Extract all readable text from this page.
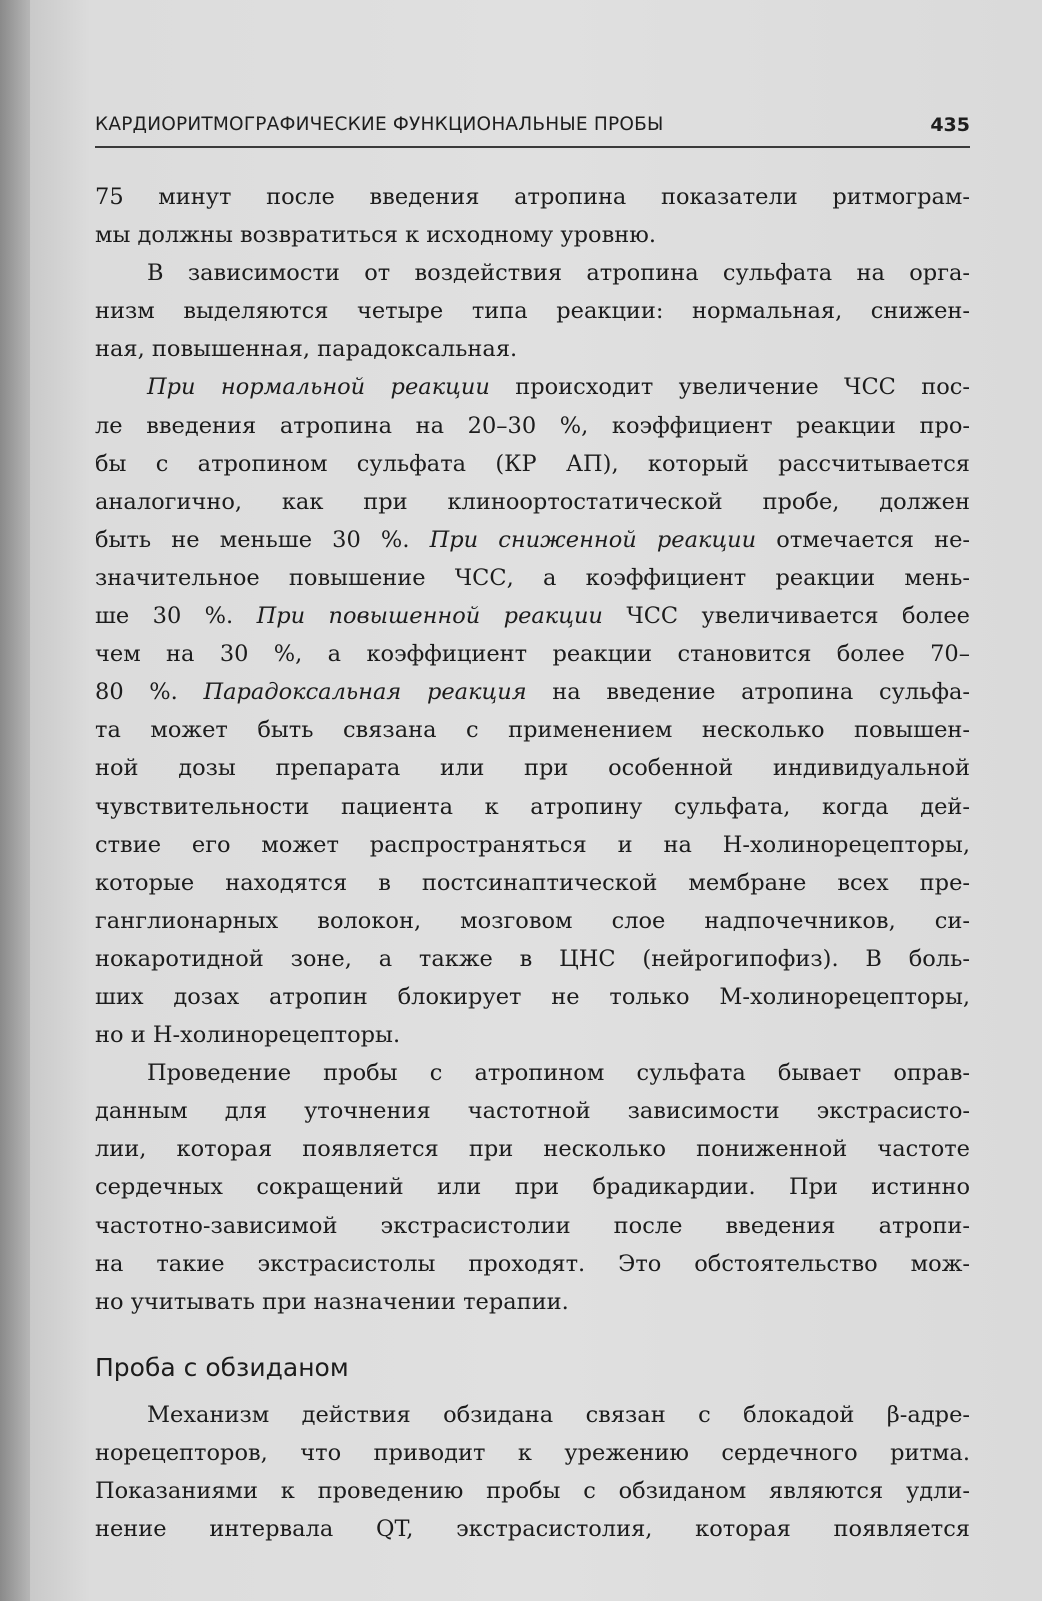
КАРДИОРИТМОГРАФИЧЕСКИЕ ФУНКЦИОНАЛЬНЫЕ ПРОБЫ	435
75 минут после введения атропина показатели ритмограм-
мы должны возвратиться к исходному уровню.
В зависимости от воздействия атропина сульфата на орга-
низм выделяются четыре типа реакции: нормальная, снижен-
ная, повышенная, парадоксальная.
При нормальной реакции происходит увеличение ЧСС пос-
ле введения атропина на 20–30 %, коэффициент реакции про-
бы с атропином сульфата (КР АП), который рассчитывается
аналогично, как при клиноортостатической пробе, должен
быть не меньше 30 %. При сниженной реакции отмечается не-
значительное повышение ЧСС, а коэффициент реакции мень-
ше 30 %. При повышенной реакции ЧСС увеличивается более
чем на 30 %, а коэффициент реакции становится более 70–
80 %. Парадоксальная реакция на введение атропина сульфа-
та может быть связана с применением несколько повышен-
ной дозы препарата или при особенной индивидуальной
чувствительности пациента к атропину сульфата, когда дей-
ствие его может распространяться и на Н-холинорецепторы,
которые находятся в постсинаптической мембране всех пре-
ганглионарных волокон, мозговом слое надпочечников, си-
нокаротидной зоне, а также в ЦНС (нейрогипофиз). В боль-
ших дозах атропин блокирует не только М-холинорецепторы,
но и Н-холинорецепторы.
Проведение пробы с атропином сульфата бывает оправ-
данным для уточнения частотной зависимости экстрасисто-
лии, которая появляется при несколько пониженной частоте
сердечных сокращений или при брадикардии. При истинно
частотно-зависимой экстрасистолии после введения атропи-
на такие экстрасистолы проходят. Это обстоятельство мож-
но учитывать при назначении терапии.
Проба с обзиданом
Механизм действия обзидана связан с блокадой β-адре-
норецепторов, что приводит к урежению сердечного ритма.
Показаниями к проведению пробы с обзиданом являются удли-
нение интервала QT, экстрасистолия, которая появляется
